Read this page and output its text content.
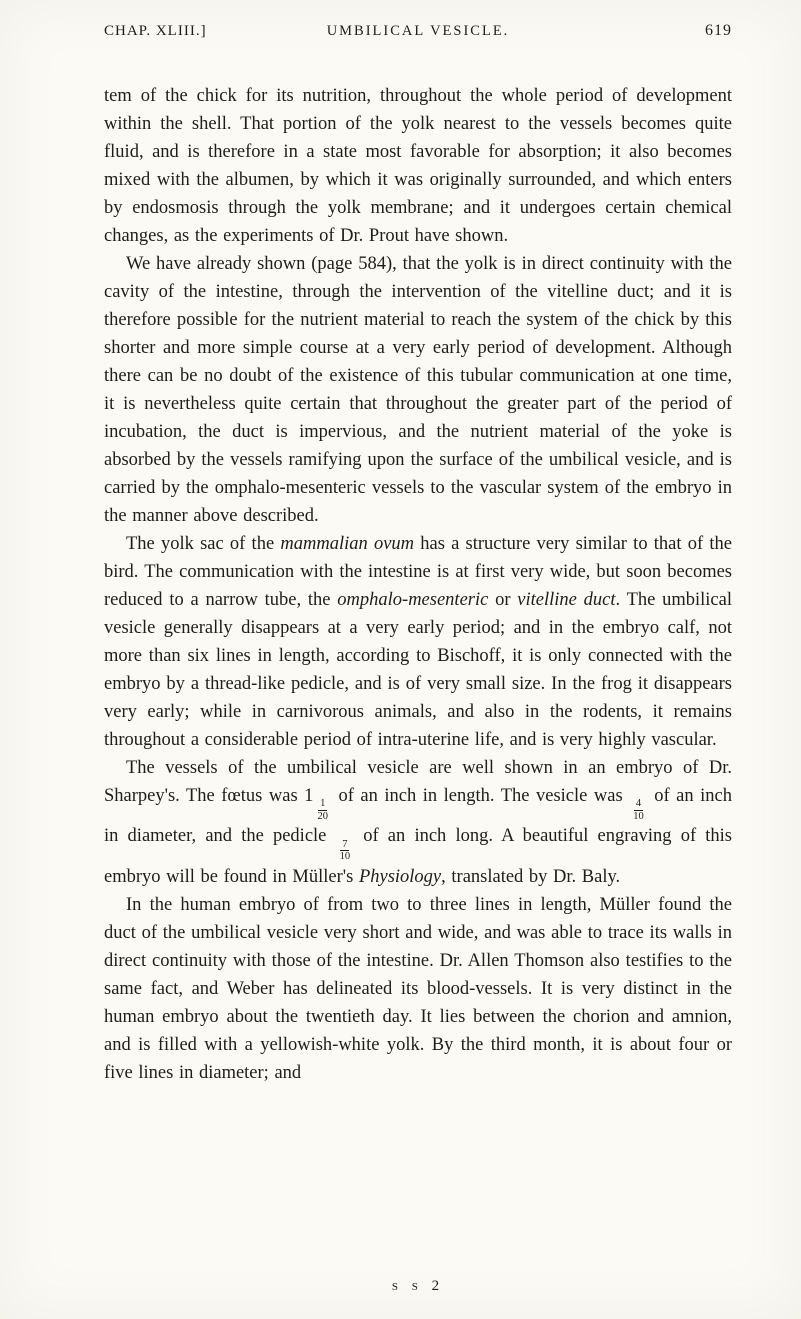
CHAP. XLIII.]	UMBILICAL VESICLE.	619

tem of the chick for its nutrition, throughout the whole period of development within the shell. That portion of the yolk nearest to the vessels becomes quite fluid, and is therefore in a state most favorable for absorption; it also becomes mixed with the albumen, by which it was originally surrounded, and which enters by endosmosis through the yolk membrane; and it undergoes certain chemical changes, as the experiments of Dr. Prout have shown.

We have already shown (page 584), that the yolk is in direct continuity with the cavity of the intestine, through the intervention of the vitelline duct; and it is therefore possible for the nutrient material to reach the system of the chick by this shorter and more simple course at a very early period of development. Although there can be no doubt of the existence of this tubular communication at one time, it is nevertheless quite certain that throughout the greater part of the period of incubation, the duct is impervious, and the nutrient material of the yoke is absorbed by the vessels ramifying upon the surface of the umbilical vesicle, and is carried by the omphalo-mesenteric vessels to the vascular system of the embryo in the manner above described.

The yolk sac of the mammalian ovum has a structure very similar to that of the bird. The communication with the intestine is at first very wide, but soon becomes reduced to a narrow tube, the omphalo-mesenteric or vitelline duct. The umbilical vesicle generally disappears at a very early period; and in the embryo calf, not more than six lines in length, according to Bischoff, it is only connected with the embryo by a thread-like pedicle, and is of very small size. In the frog it disappears very early; while in carnivorous animals, and also in the rodents, it remains throughout a considerable period of intra-uterine life, and is very highly vascular.

The vessels of the umbilical vesicle are well shown in an embryo of Dr. Sharpey's. The fœtus was 1
$\frac{1}{20}$
of an inch in length. The vesicle was
$\frac{4}{10}$
of an inch in diameter, and the pedicle
$\frac{7}{10}$
of an inch long. A beautiful engraving of this embryo will be found in Müller's Physiology, translated by Dr. Baly.

In the human embryo of from two to three lines in length, Müller found the duct of the umbilical vesicle very short and wide, and was able to trace its walls in direct continuity with those of the intestine. Dr. Allen Thomson also testifies to the same fact, and Weber has delineated its blood-vessels. It is very distinct in the human embryo about the twentieth day. It lies between the chorion and amnion, and is filled with a yellowish-white yolk. By the third month, it is about four or five lines in diameter; and

s s 2
